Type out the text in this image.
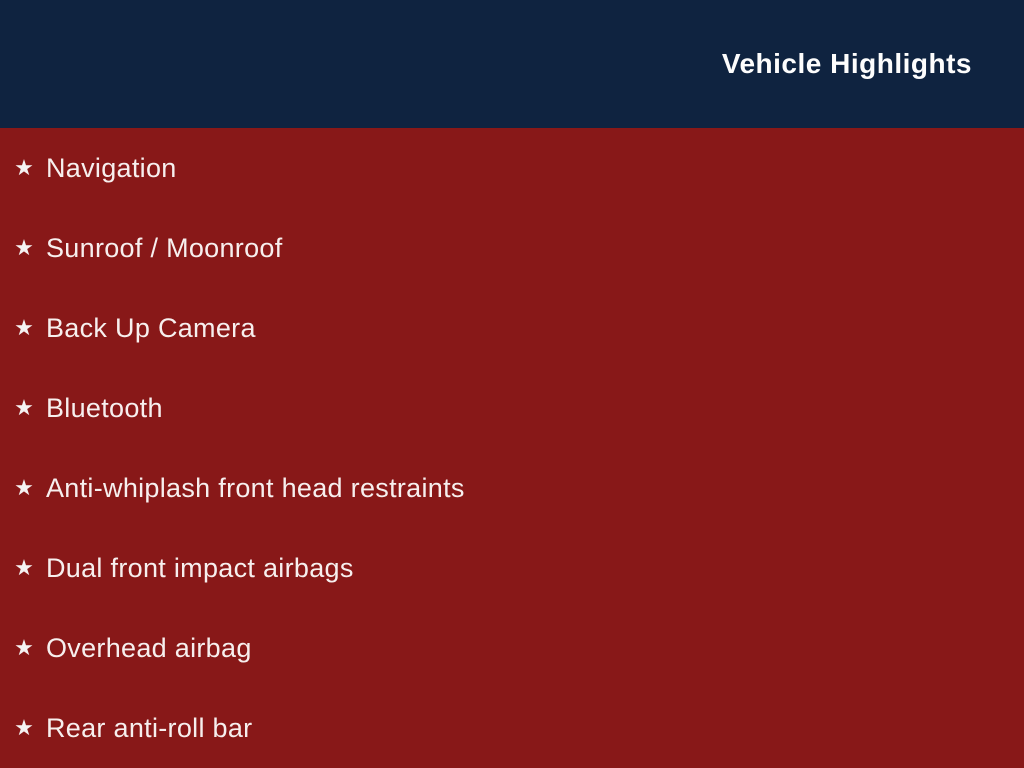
Vehicle Highlights
★ Navigation
★ Sunroof / Moonroof
★ Back Up Camera
★ Bluetooth
★ Anti-whiplash front head restraints
★ Dual front impact airbags
★ Overhead airbag
★ Rear anti-roll bar
